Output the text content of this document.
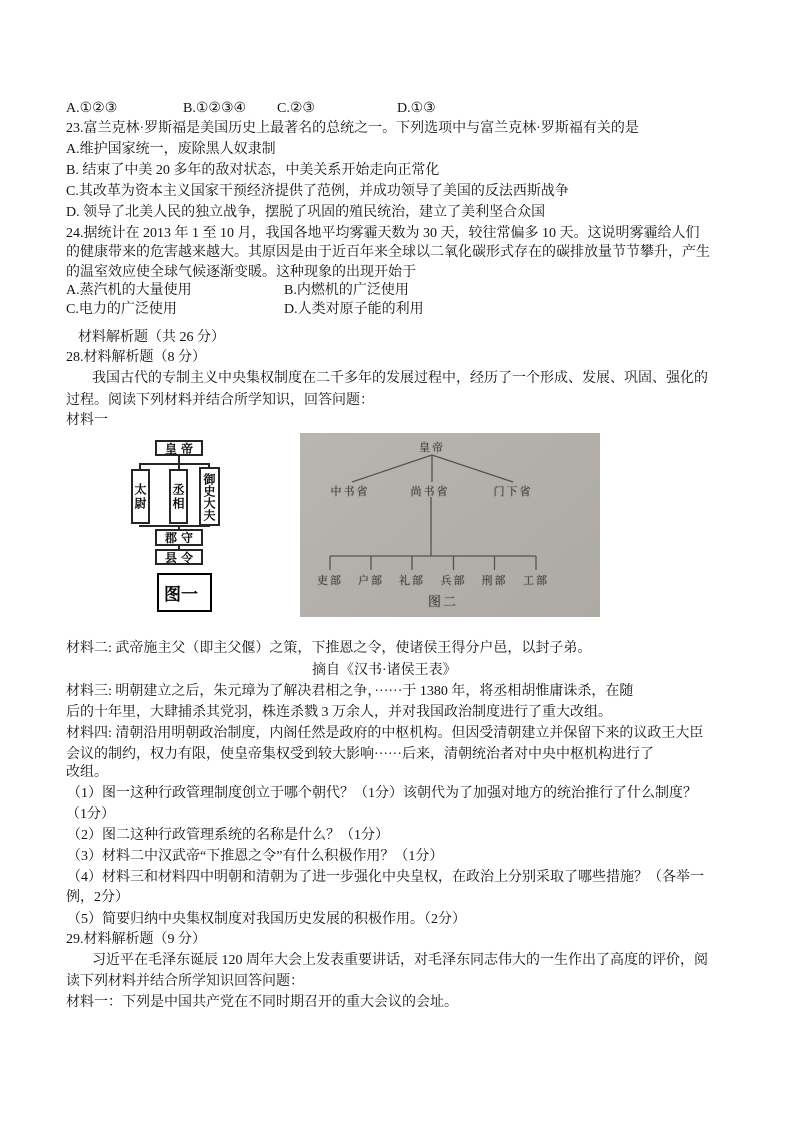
A.①②③	B.①②③④ C.②③	D.①③
23.富兰克林·罗斯福是美国历史上最著名的总统之一。下列选项中与富兰克林·罗斯福有关的是
A.维护国家统一，废除黑人奴隶制
B. 结束了中美 20 多年的敌对状态，中美关系开始走向正常化
C.其改革为资本主义国家干预经济提供了范例，并成功领导了美国的反法西斯战争
D. 领导了北美人民的独立战争，摆脱了巩固的殖民统治，建立了美利坚合众国
24.据统计在 2013 年 1 至 10 月，我国各地平均雾霾天数为 30 天，较往常偏多 10 天。这说明雾霾给人们
的健康带来的危害越来越大。其原因是由于近百年来全球以二氧化碳形式存在的碳排放量节节攀升，产生
的温室效应使全球气候逐渐变暖。这种现象的出现开始于
A.蒸汽机的大量使用	B.内燃机的广泛使用
C.电力的广泛使用	D.人类对原子能的利用
材料解析题（共 26 分）
28.材料解析题（8 分）
我国古代的专制主义中央集权制度在二千多年的发展过程中，经历了一个形成、发展、巩固、强化的
过程。阅读下列材料并结合所学知识，回答问题：
材料一
皇帝
太尉 丞相 御史大夫
郡守
县令
图一
皇帝
中书省	尚书省	门下省
吏部	户部	礼部	兵部	刑部	工部
图二
材料二: 武帝施主父（即主父偃）之策，下推恩之令，使诸侯王得分户邑，以封子弟。
摘自《汉书·诸侯王表》
材料三: 明朝建立之后，朱元璋为了解决君相之争，······于 1380 年，将丞相胡惟庸诛杀，在随
后的十年里，大肆捕杀其党羽，株连杀戮 3 万余人，并对我国政治制度进行了重大改组。
材料四: 清朝沿用明朝政治制度，内阁任然是政府的中枢机构。但因受清朝建立并保留下来的议政王大臣
会议的制约，权力有限，使皇帝集权受到较大影响······后来，清朝统治者对中央中枢机构进行了
改组。
（1）图一这种行政管理制度创立于哪个朝代？（1分）该朝代为了加强对地方的统治推行了什么制度？
（1分）
（2）图二这种行政管理系统的名称是什么？（1分）
（3）材料二中汉武帝“下推恩之令”有什么积极作用？（1分）
（4）材料三和材料四中明朝和清朝为了进一步强化中央皇权，在政治上分别采取了哪些措施？（各举一
例，2分）
（5）简要归纳中央集权制度对我国历史发展的积极作用。（2分）
29.材料解析题（9 分）
习近平在毛泽东诞辰 120 周年大会上发表重要讲话，对毛泽东同志伟大的一生作出了高度的评价，阅
读下列材料并结合所学知识回答问题：
材料一：下列是中国共产党在不同时期召开的重大会议的会址。
